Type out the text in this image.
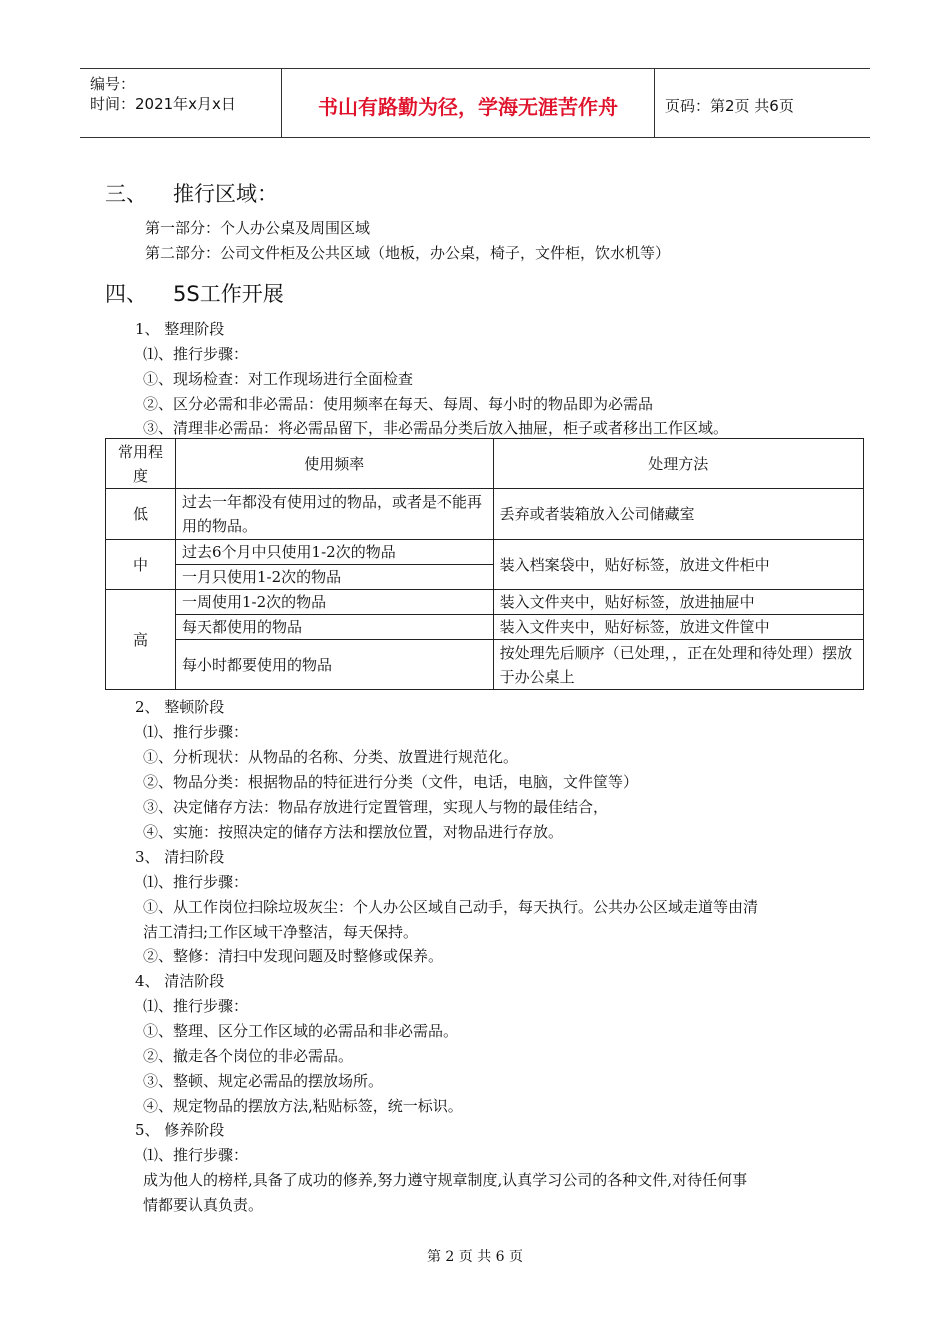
编号：
时间：2021年x月x日	书山有路勤为径，学海无涯苦作舟	页码：第2页 共6页
三、 推行区域：
第一部分：个人办公桌及周围区域
第二部分：公司文件柜及公共区域（地板，办公桌，椅子，文件柜，饮水机等）
四、 5S工作开展
1、 整理阶段
⑴、推行步骤：
①、现场检查：对工作现场进行全面检查
②、区分必需和非必需品：使用频率在每天、每周、每小时的物品即为必需品
③、清理非必需品：将必需品留下，非必需品分类后放入抽屉，柜子或者移出工作区域。
常用程度	使用频率	处理方法
低	过去一年都没有使用过的物品，或者是不能再用的物品。	丢弃或者装箱放入公司储藏室
中	过去6个月中只使用1-2次的物品	装入档案袋中，贴好标签，放进文件柜中
	一月只使用1-2次的物品	
高	一周使用1-2次的物品	装入文件夹中，贴好标签，放进抽屉中
	每天都使用的物品	装入文件夹中，贴好标签，放进文件筐中
	每小时都要使用的物品	按处理先后顺序（已处理，，正在处理和待处理）摆放于办公桌上
2、 整顿阶段
⑴、推行步骤：
①、分析现状：从物品的名称、分类、放置进行规范化。
②、物品分类：根据物品的特征进行分类（文件，电话，电脑，文件筐等）
③、决定储存方法：物品存放进行定置管理，实现人与物的最佳结合，
④、实施：按照决定的储存方法和摆放位置，对物品进行存放。
3、 清扫阶段
⑴、推行步骤：
①、从工作岗位扫除垃圾灰尘：个人办公区域自己动手，每天执行。公共办公区域走道等由清
洁工清扫;工作区域干净整洁，每天保持。
②、整修：清扫中发现问题及时整修或保养。
4、 清洁阶段
⑴、推行步骤：
①、整理、区分工作区域的必需品和非必需品。
②、撤走各个岗位的非必需品。
③、整顿、规定必需品的摆放场所。
④、规定物品的摆放方法,粘贴标签，统一标识。
5、 修养阶段
⑴、推行步骤：
成为他人的榜样,具备了成功的修养,努力遵守规章制度,认真学习公司的各种文件,对待任何事
情都要认真负责。
第 2 页 共 6 页
